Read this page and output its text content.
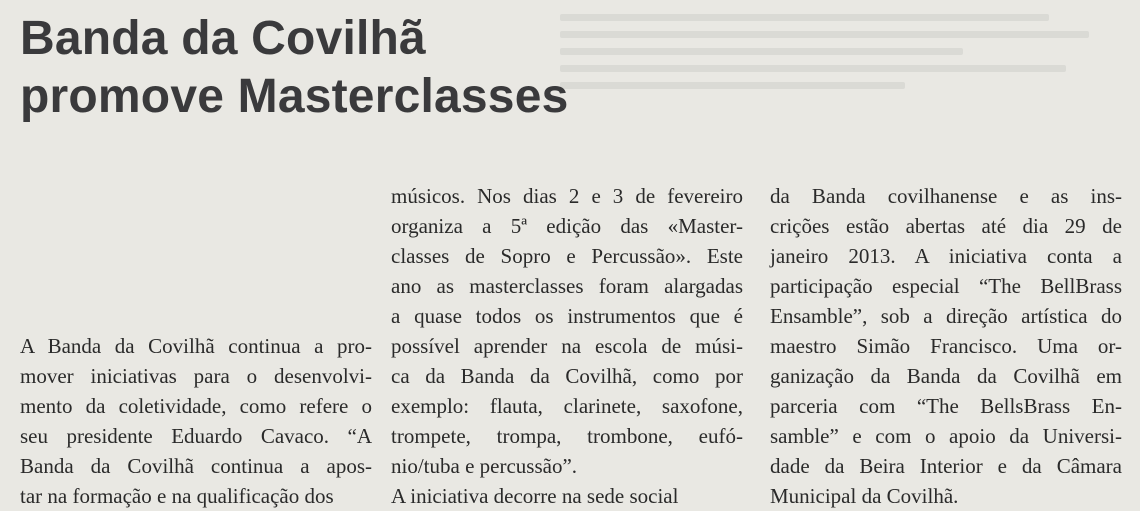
Banda da Covilhã
promove Masterclasses

A Banda da Covilhã continua a pro-

mover iniciativas para o desenvolvi-

mento da coletividade, como refere o

seu presidente Eduardo Cavaco. “A

Banda da Covilhã continua a apos-

tar na formação e na qualificação dos

músicos. Nos dias 2 e 3 de fevereiro

organiza a 5ª edição das «Master-

classes de Sopro e Percussão». Este

ano as masterclasses foram alargadas

a quase todos os instrumentos que é

possível aprender na escola de músi-

ca da Banda da Covilhã, como por

exemplo: flauta, clarinete, saxofone,

trompete, trompa, trombone, eufó-

nio/tuba e percussão”.

A iniciativa decorre na sede social

da Banda covilhanense e as ins-

crições estão abertas até dia 29 de

janeiro 2013. A iniciativa conta a

participação especial “The BellBrass

Ensamble”, sob a direção artística do

maestro Simão Francisco. Uma or-

ganização da Banda da Covilhã em

parceria com “The BellsBrass En-

samble” e com o apoio da Universi-

dade da Beira Interior e da Câmara

Municipal da Covilhã.
